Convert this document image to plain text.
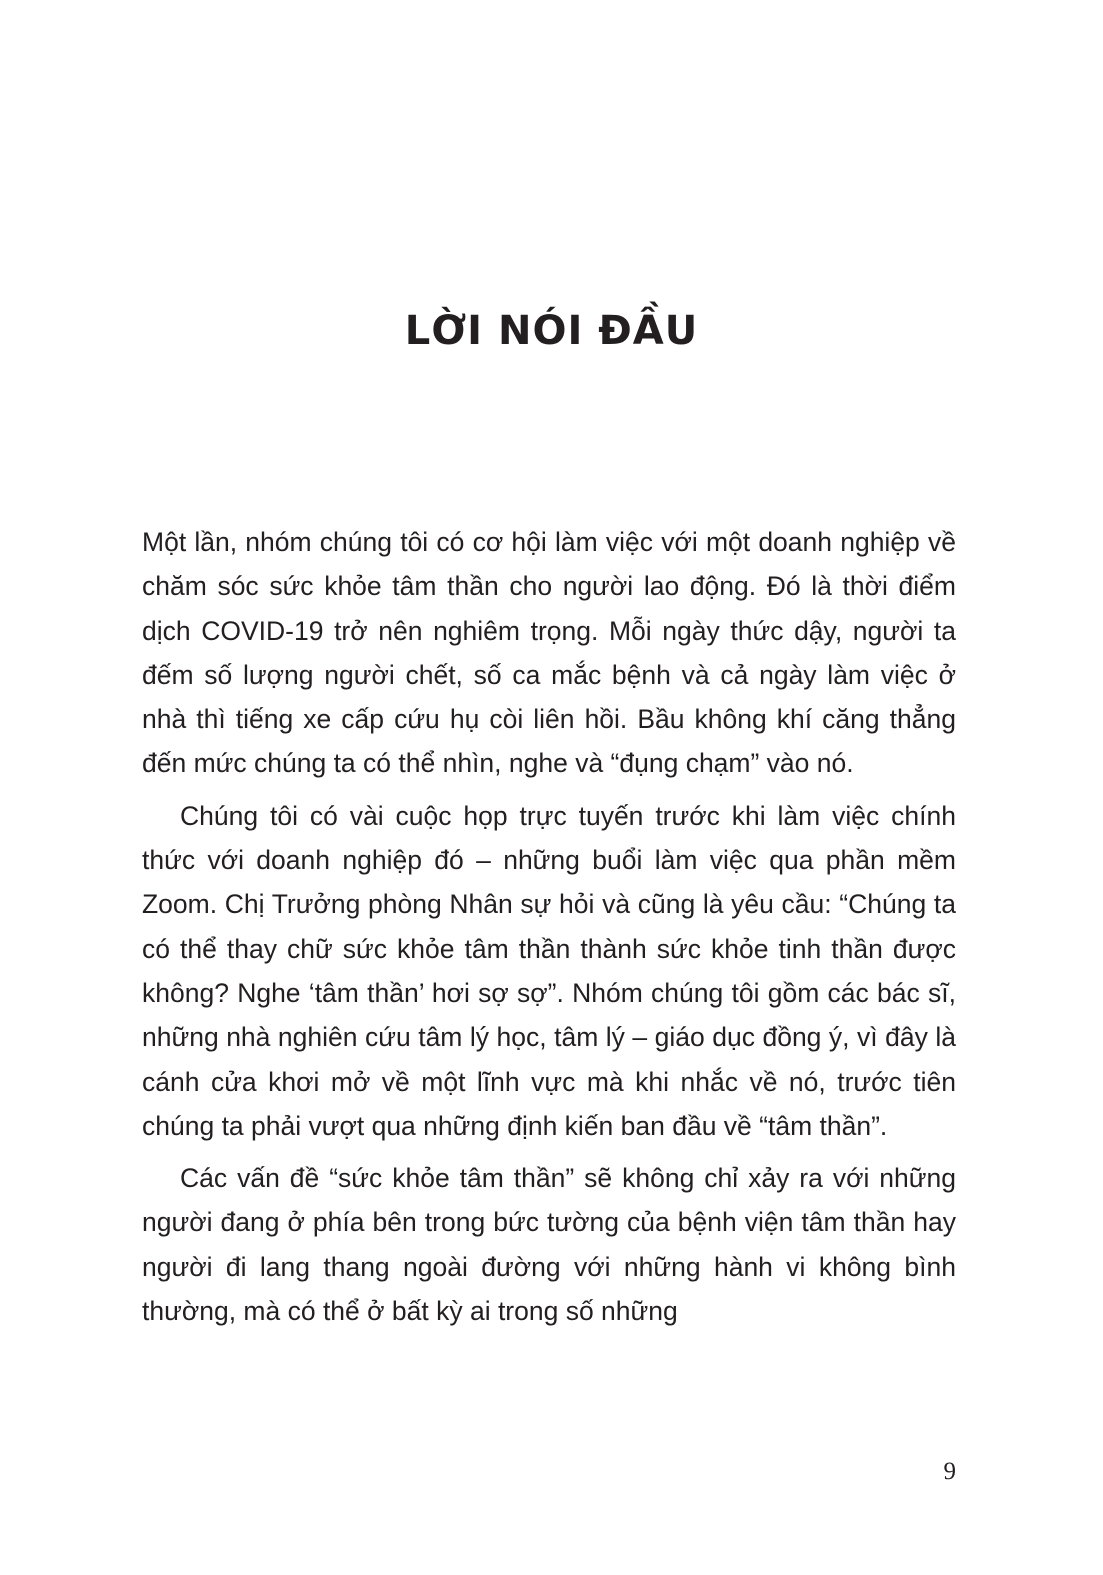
LỜI NÓI ĐẦU

Một lần, nhóm chúng tôi có cơ hội làm việc với một doanh nghiệp về chăm sóc sức khỏe tâm thần cho người lao động. Đó là thời điểm dịch COVID-19 trở nên nghiêm trọng. Mỗi ngày thức dậy, người ta đếm số lượng người chết, số ca mắc bệnh và cả ngày làm việc ở nhà thì tiếng xe cấp cứu hụ còi liên hồi. Bầu không khí căng thẳng đến mức chúng ta có thể nhìn, nghe và “đụng chạm” vào nó.

Chúng tôi có vài cuộc họp trực tuyến trước khi làm việc chính thức với doanh nghiệp đó – những buổi làm việc qua phần mềm Zoom. Chị Trưởng phòng Nhân sự hỏi và cũng là yêu cầu: “Chúng ta có thể thay chữ sức khỏe tâm thần thành sức khỏe tinh thần được không? Nghe ‘tâm thần’ hơi sợ sợ”. Nhóm chúng tôi gồm các bác sĩ, những nhà nghiên cứu tâm lý học, tâm lý – giáo dục đồng ý, vì đây là cánh cửa khơi mở về một lĩnh vực mà khi nhắc về nó, trước tiên chúng ta phải vượt qua những định kiến ban đầu về “tâm thần”.

Các vấn đề “sức khỏe tâm thần” sẽ không chỉ xảy ra với những người đang ở phía bên trong bức tường của bệnh viện tâm thần hay người đi lang thang ngoài đường với những hành vi không bình thường, mà có thể ở bất kỳ ai trong số những

9
